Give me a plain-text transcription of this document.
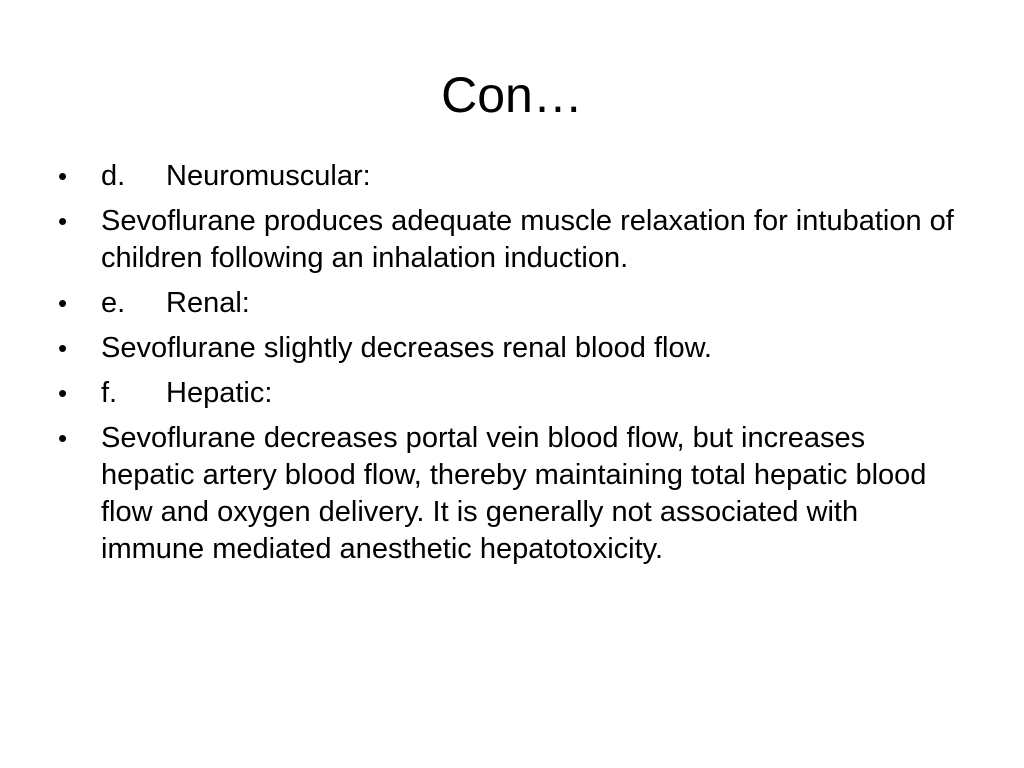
Con…
•	d. Neuromuscular:
•	Sevoflurane produces adequate muscle relaxation for intubation of children following an inhalation induction.
•	e. Renal:
•	Sevoflurane slightly decreases renal blood flow.
•	f. Hepatic:
•	Sevoflurane decreases portal vein blood flow, but increases hepatic artery blood flow, thereby maintaining total hepatic blood flow and oxygen delivery. It is generally not associated with immune mediated anesthetic hepatotoxicity.
